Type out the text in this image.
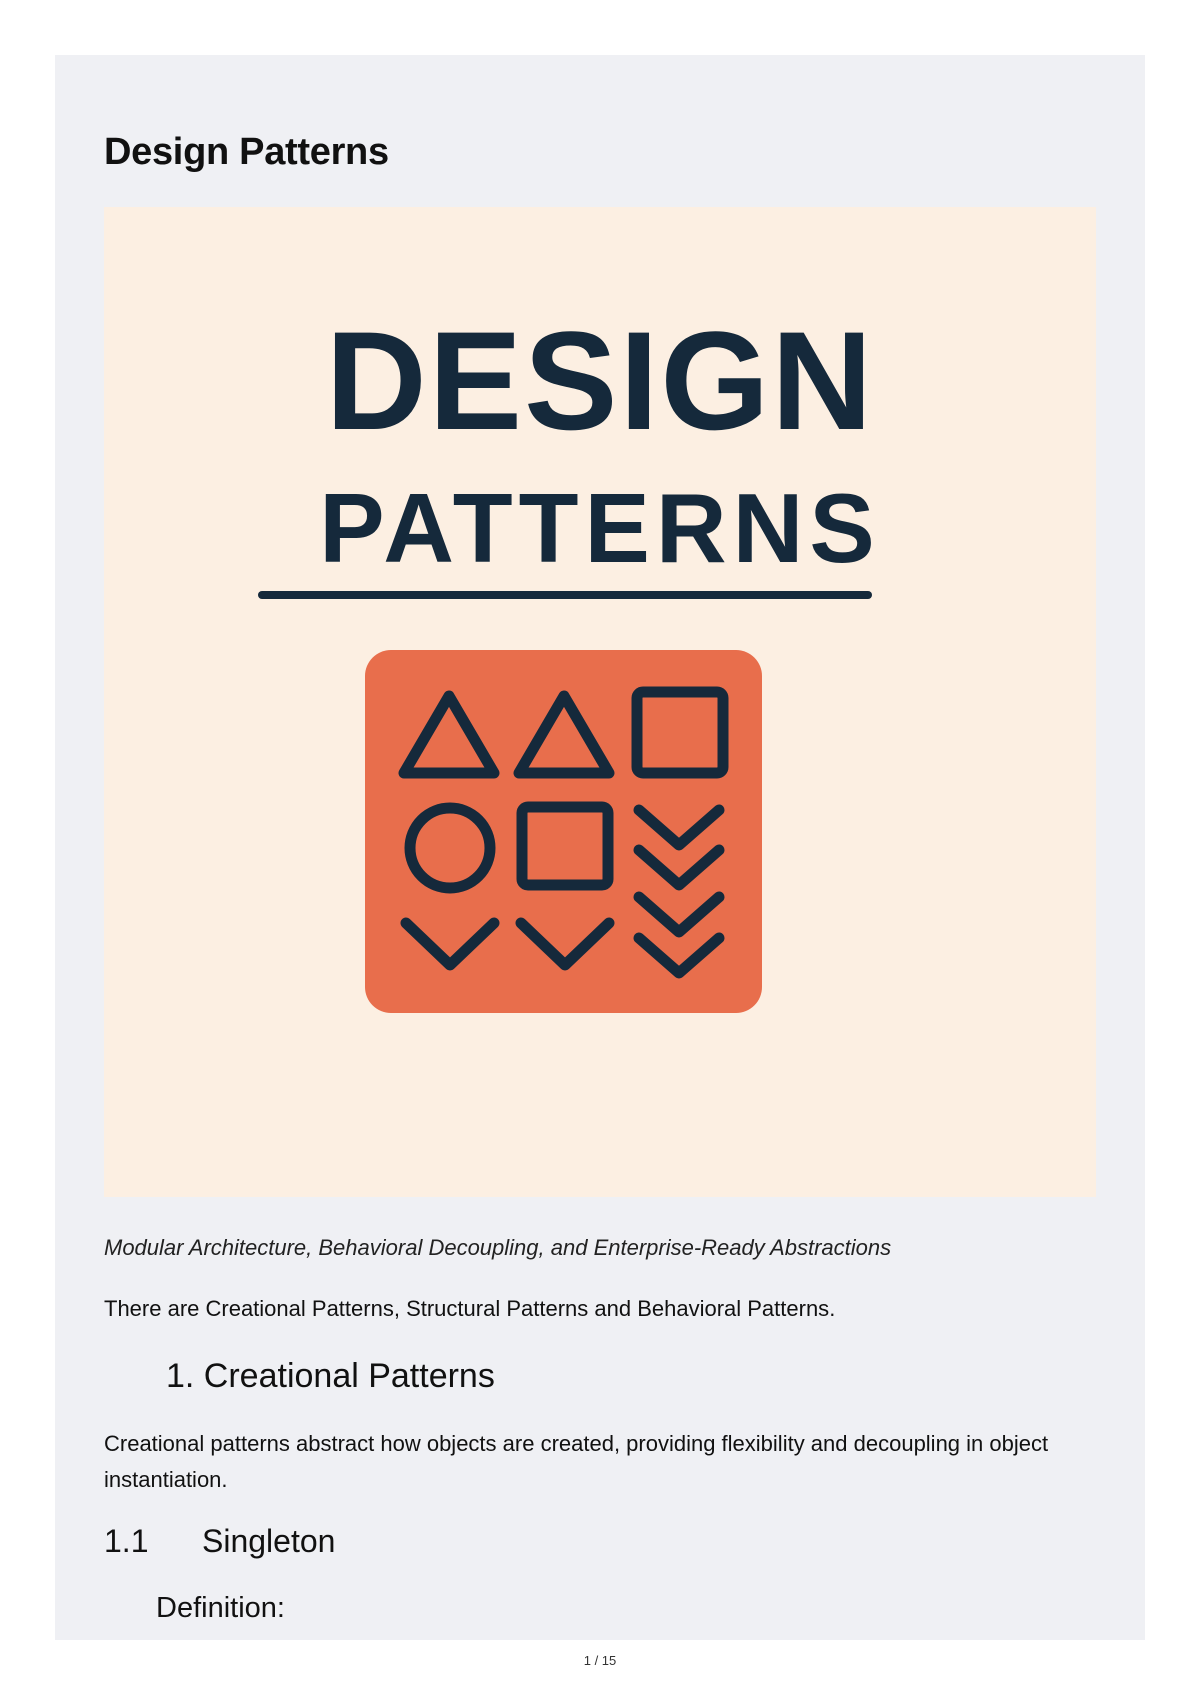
Design Patterns
DESIGN
PATTERNS

Modular Architecture, Behavioral Decoupling, and Enterprise-Ready Abstractions

There are Creational Patterns, Structural Patterns and Behavioral Patterns.

1. Creational Patterns

Creational patterns abstract how objects are created, providing flexibility and decoupling in object instantiation.

1.1 Singleton
Definition:
1 / 15
